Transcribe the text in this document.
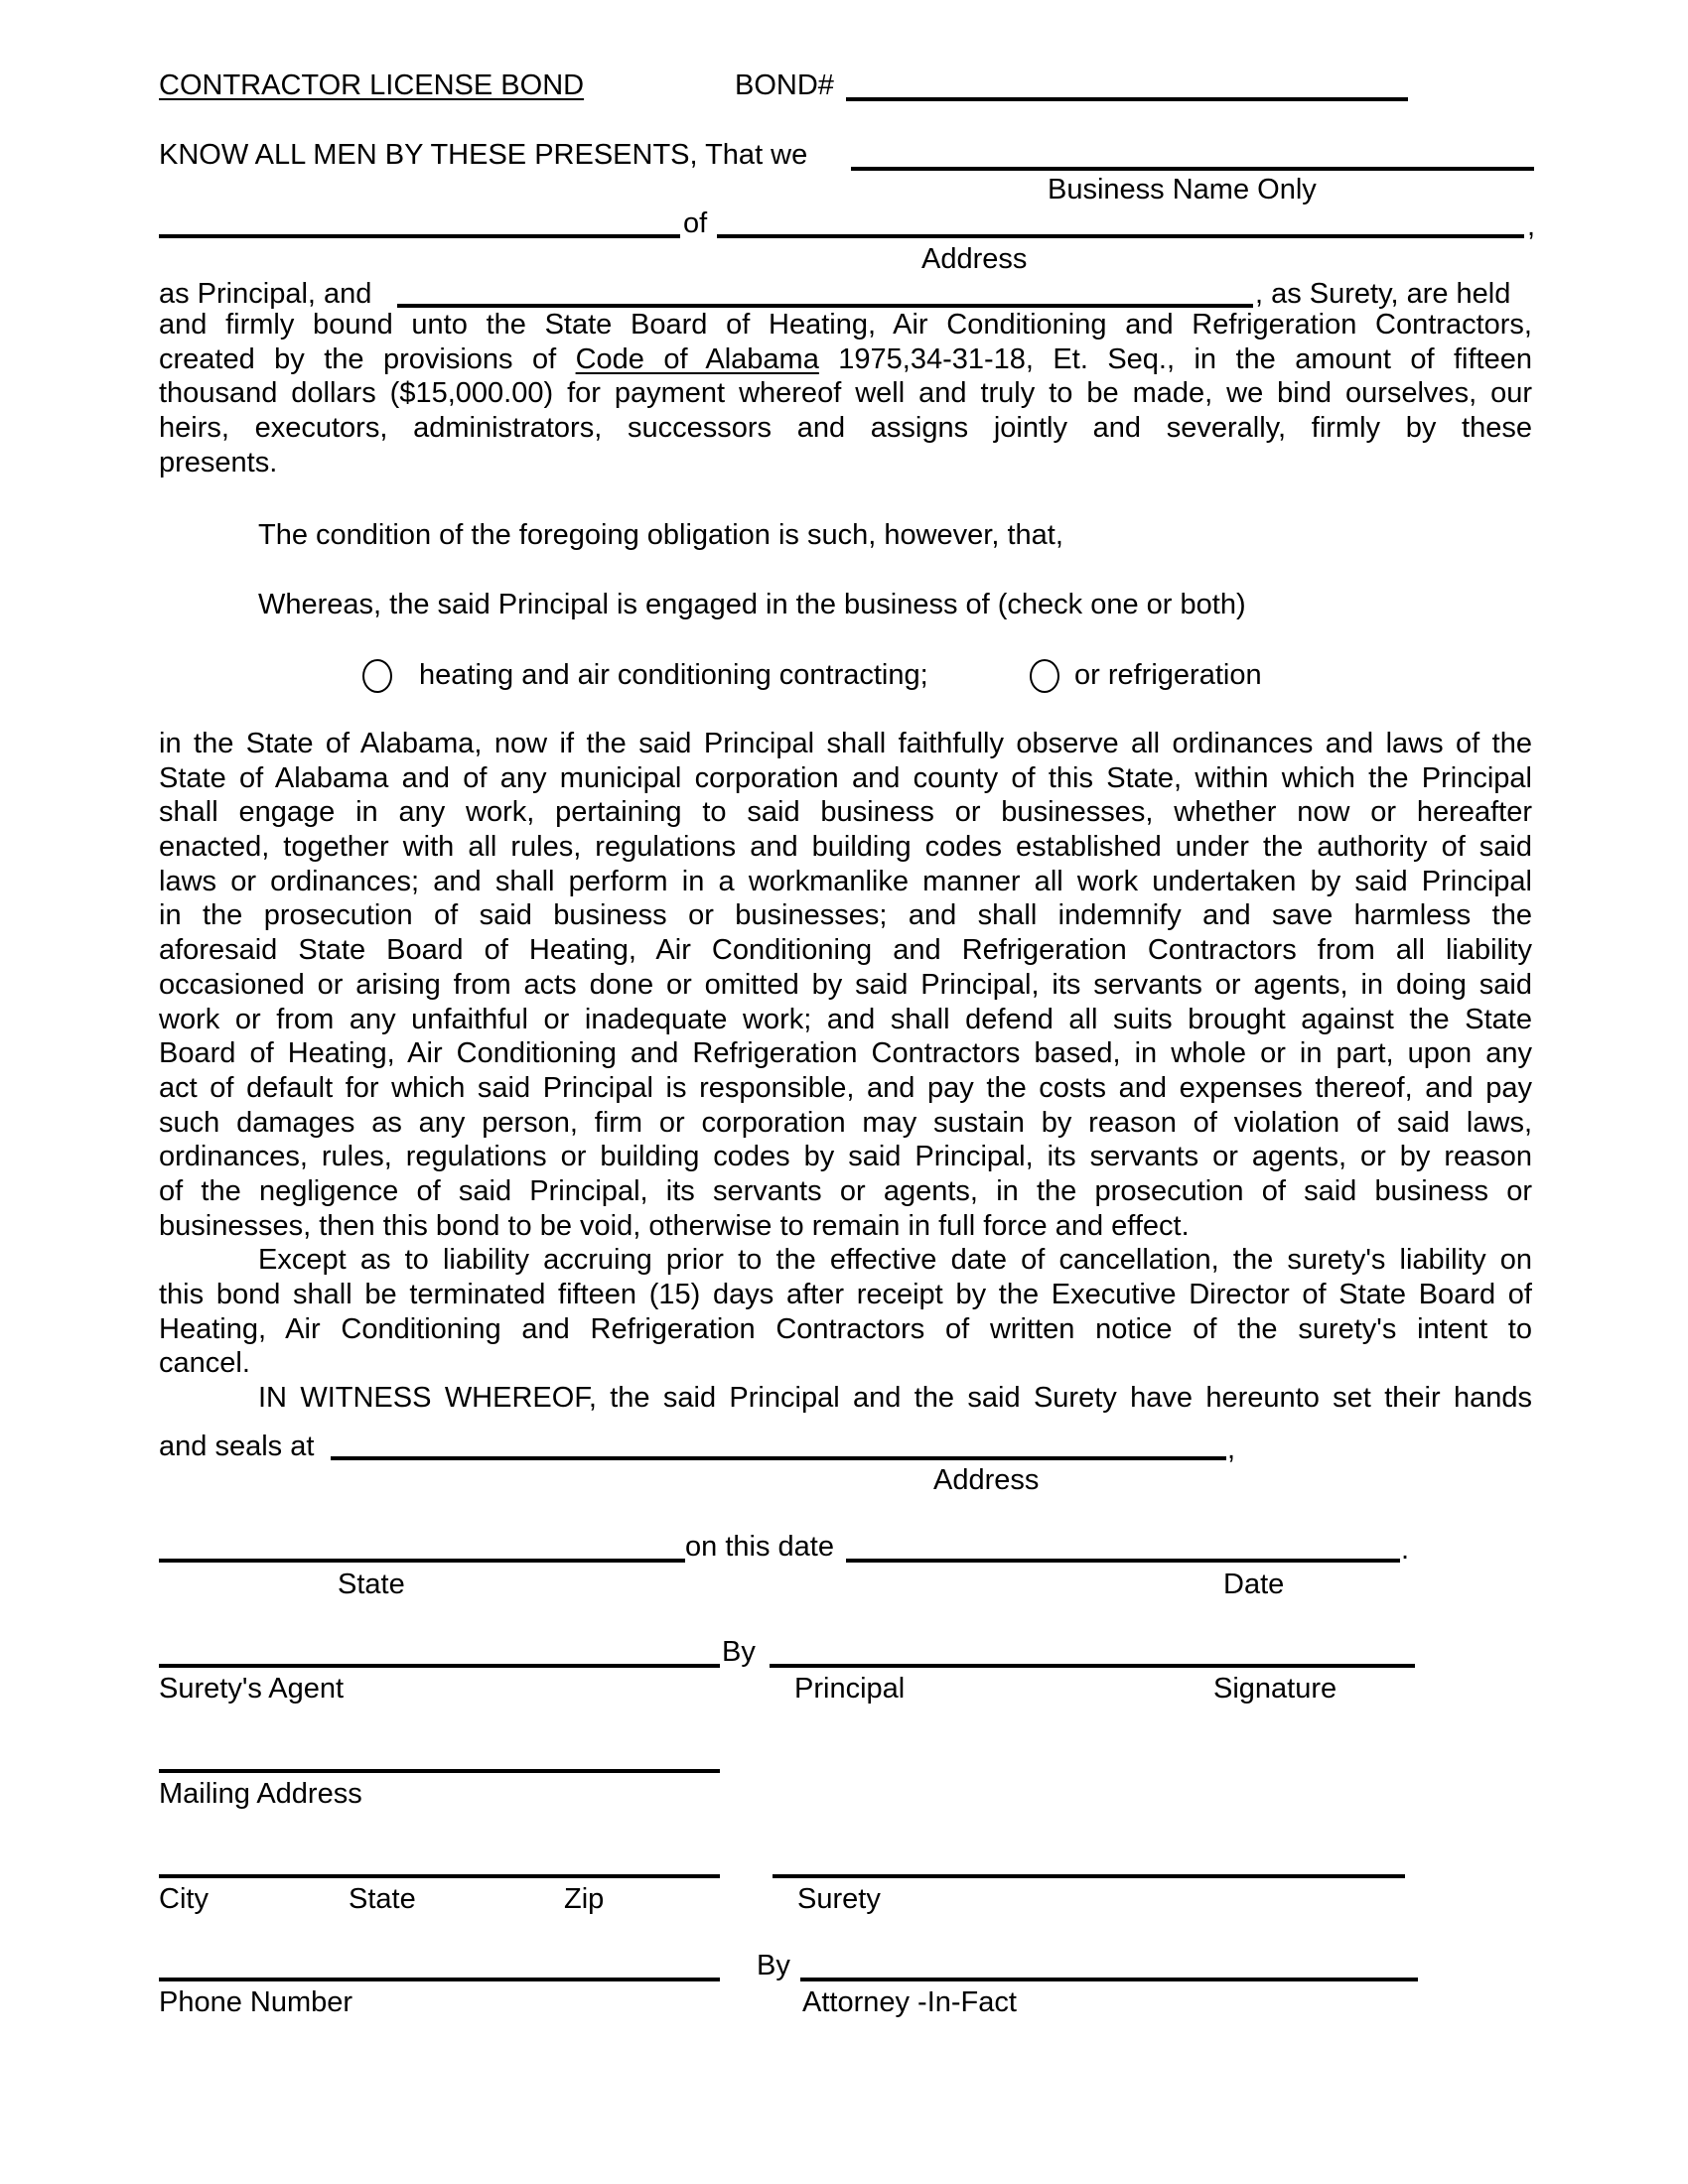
CONTRACTOR LICENSE BOND	BOND#
KNOW ALL MEN BY THESE PRESENTS, That we
Business Name Only
of	,
Address
as Principal, and	, as Surety, are held
and firmly bound unto the State Board of Heating, Air Conditioning and Refrigeration Contractors,
created by the provisions of Code of Alabama 1975,34-31-18, Et. Seq., in the amount of fifteen
thousand dollars ($15,000.00) for payment whereof well and truly to be made, we bind ourselves, our
heirs, executors, administrators, successors and assigns jointly and severally, firmly by these
presents.
The condition of the foregoing obligation is such, however, that,
Whereas, the said Principal is engaged in the business of (check one or both)
heating and air conditioning contracting;	or refrigeration
in the State of Alabama, now if the said Principal shall faithfully observe all ordinances and laws of the
State of Alabama and of any municipal corporation and county of this State, within which the Principal
shall engage in any work, pertaining to said business or businesses, whether now or hereafter
enacted, together with all rules, regulations and building codes established under the authority of said
laws or ordinances; and shall perform in a workmanlike manner all work undertaken by said Principal
in the prosecution of said business or businesses; and shall indemnify and save harmless the
aforesaid State Board of Heating, Air Conditioning and Refrigeration Contractors from all liability
occasioned or arising from acts done or omitted by said Principal, its servants or agents, in doing said
work or from any unfaithful or inadequate work; and shall defend all suits brought against the State
Board of Heating, Air Conditioning and Refrigeration Contractors based, in whole or in part, upon any
act of default for which said Principal is responsible, and pay the costs and expenses thereof, and pay
such damages as any person, firm or corporation may sustain by reason of violation of said laws,
ordinances, rules, regulations or building codes by said Principal, its servants or agents, or by reason
of the negligence of said Principal, its servants or agents, in the prosecution of said business or
businesses, then this bond to be void, otherwise to remain in full force and effect.
Except as to liability accruing prior to the effective date of cancellation, the surety's liability on
this bond shall be terminated fifteen (15) days after receipt by the Executive Director of State Board of
Heating, Air Conditioning and Refrigeration Contractors of written notice of the surety's intent to
cancel.
IN WITNESS WHEREOF, the said Principal and the said Surety have hereunto set their hands
and seals at	,
Address
on this date	.
State	Date
By
Surety's Agent	Principal	Signature
Mailing Address
City	State	Zip	Surety
By
Phone Number	Attorney -In-Fact
